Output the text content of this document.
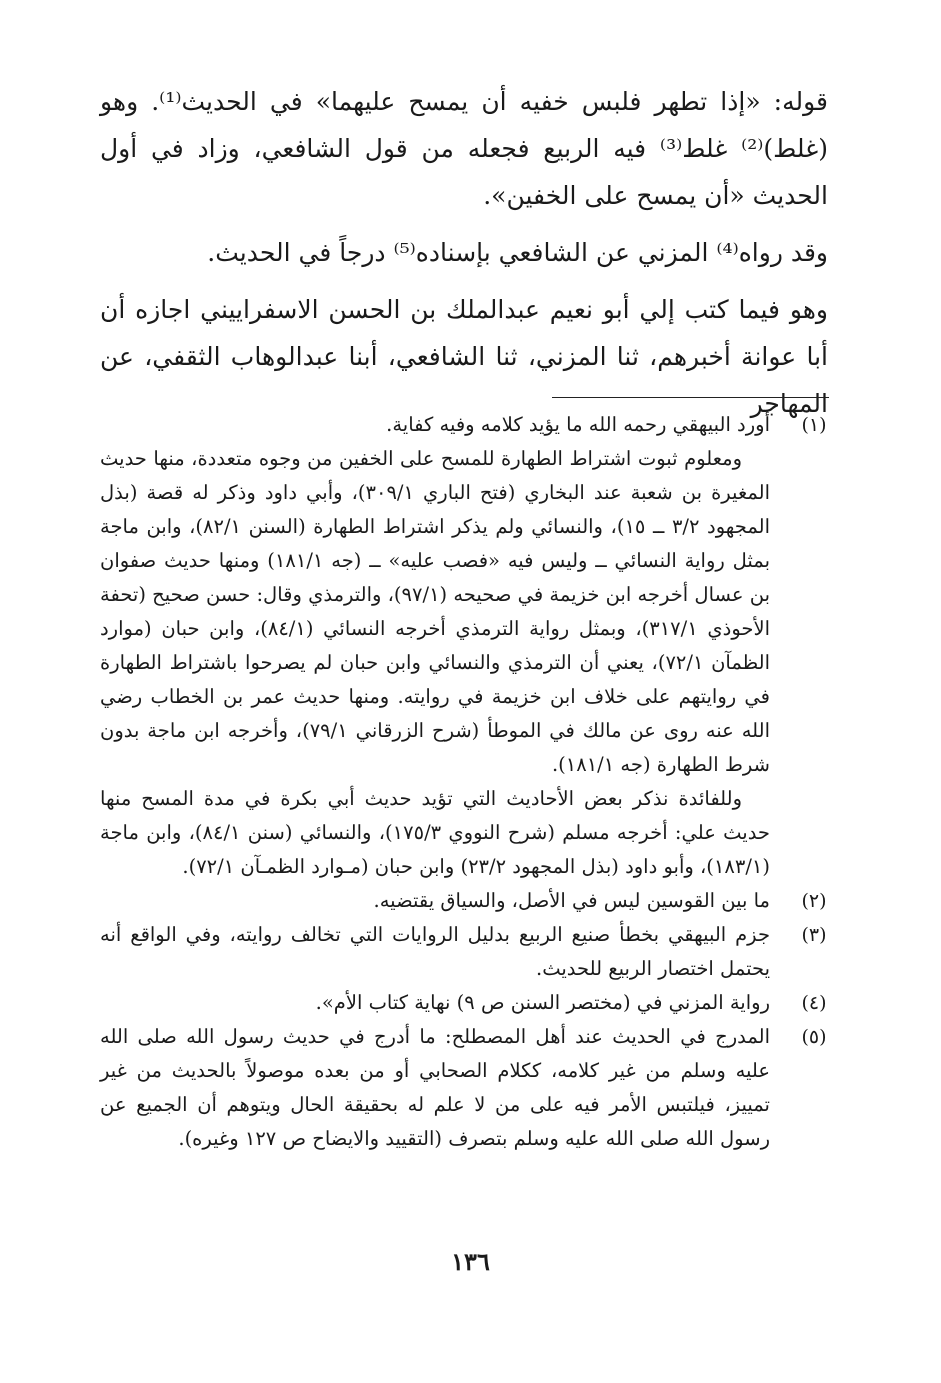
قوله: «إذا تطهر فلبس خفيه أن يمسح عليهما» في الحديث⁽¹⁾. وهو (غلط)⁽²⁾ غلط⁽³⁾ فيه الربيع فجعله من قول الشافعي، وزاد في أول الحديث «أن يمسح على الخفين».

وقد رواه⁽⁴⁾ المزني عن الشافعي بإسناده⁽⁵⁾ درجاً في الحديث.

وهو فيما كتب إلي أبو نعيم عبدالملك بن الحسن الاسفراييني اجازه أن أبا عوانة أخبرهم، ثنا المزني، ثنا الشافعي، أبنا عبدالوهاب الثقفي، عن المهاجر

(١)
أورد البيهقي رحمه الله ما يؤيد كلامه وفيه كفاية.
ومعلوم ثبوت اشتراط الطهارة للمسح على الخفين من وجوه متعددة، منها حديث المغيرة بن شعبة عند البخاري (فتح الباري ٣٠٩/١)، وأبي داود وذكر له قصة (بذل المجهود ٣/٢ ــ ١٥)، والنسائي ولم يذكر اشتراط الطهارة (السنن ٨٢/١)، وابن ماجة بمثل رواية النسائي ــ وليس فيه «فصب عليه» ــ (جه ١٨١/١) ومنها حديث صفوان بن عسال أخرجه ابن خزيمة في صحيحه (٩٧/١)، والترمذي وقال: حسن صحيح (تحفة الأحوذي ٣١٧/١)، وبمثل رواية الترمذي أخرجه النسائي (٨٤/١)، وابن حبان (موارد الظمآن ٧٢/١)، يعني أن الترمذي والنسائي وابن حبان لم يصرحوا باشتراط الطهارة في روايتهم على خلاف ابن خزيمة في روايته. ومنها حديث عمر بن الخطاب رضي الله عنه روى عن مالك في الموطأ (شرح الزرقاني ٧٩/١)، وأخرجه ابن ماجة بدون شرط الطهارة (جه ١٨١/١).
وللفائدة نذكر بعض الأحاديث التي تؤيد حديث أبي بكرة في مدة المسح منها حديث علي: أخرجه مسلم (شرح النووي ١٧٥/٣)، والنسائي (سنن ٨٤/١)، وابن ماجة (١٨٣/١)، وأبو داود (بذل المجهود ٢٣/٢) وابن حبان (مـوارد الظمـآن ٧٢/١).
(٢)
ما بين القوسين ليس في الأصل، والسياق يقتضيه.
(٣)
جزم البيهقي بخطأ صنيع الربيع بدليل الروايات التي تخالف روايته، وفي الواقع أنه يحتمل اختصار الربيع للحديث.
(٤)
رواية المزني في (مختصر السنن ص ٩) نهاية كتاب الأم».
(٥)
المدرج في الحديث عند أهل المصطلح: ما أدرج في حديث رسول الله صلى الله عليه وسلم من غير كلامه، ككلام الصحابي أو من بعده موصولاً بالحديث من غير تمييز، فيلتبس الأمر فيه على من لا علم له بحقيقة الحال ويتوهم أن الجميع عن رسول الله صلى الله عليه وسلم بتصرف (التقييد والايضاح ص ١٢٧ وغيره).
١٣٦
